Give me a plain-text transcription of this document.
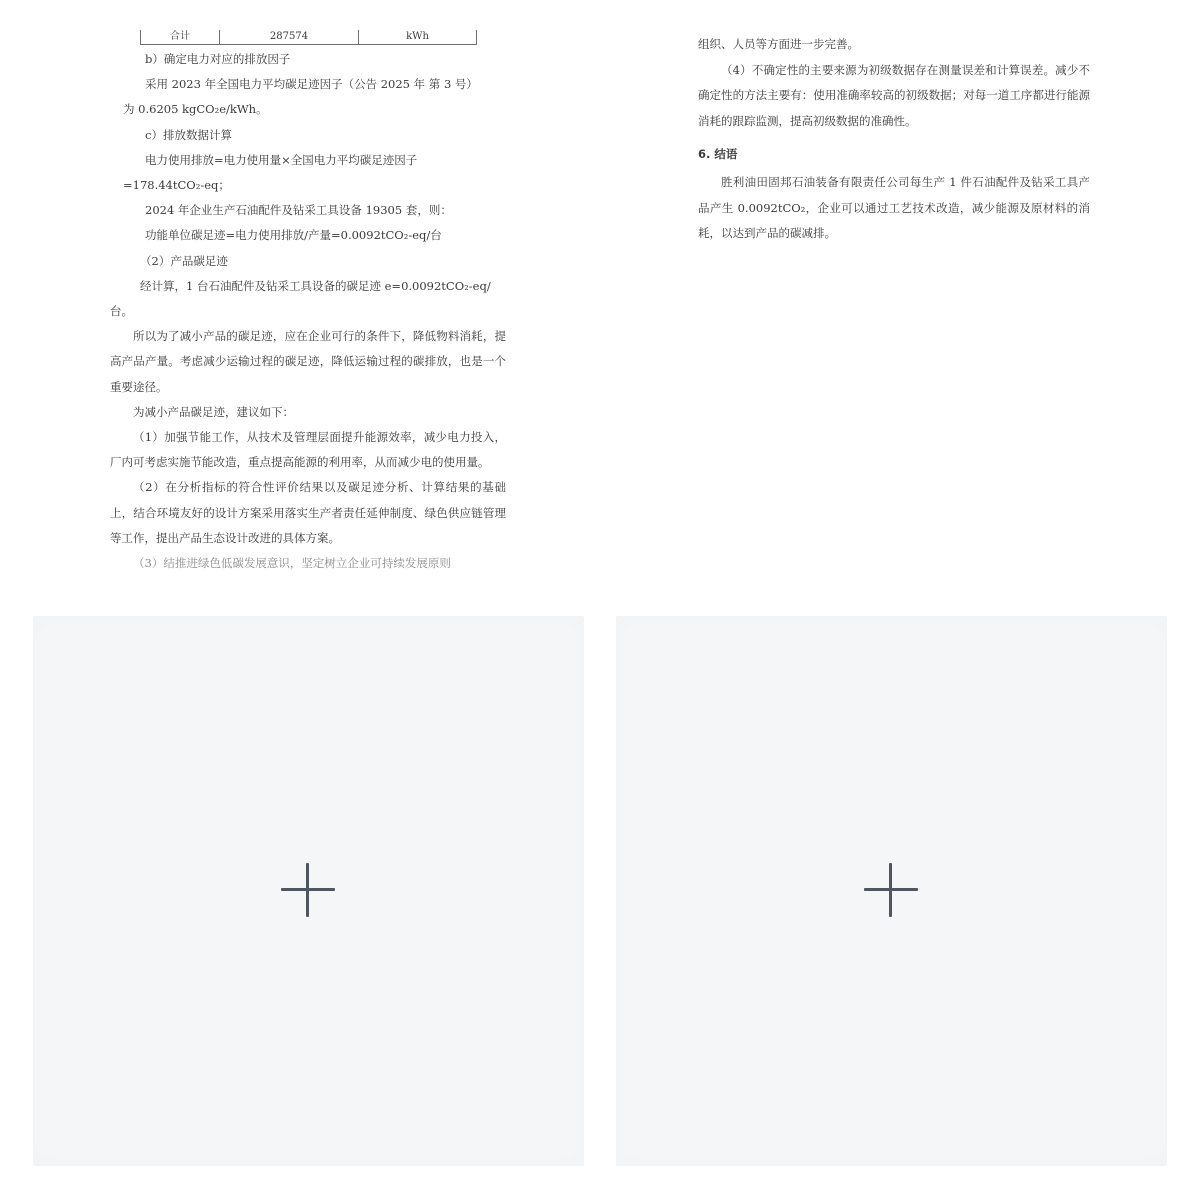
合计	287574	kWh

b）确定电力对应的排放因子

采用 2023 年全国电力平均碳足迹因子（公告 2025 年 第 3 号）

为 0.6205 kgCO₂e/kWh。

c）排放数据计算

电力使用排放=电力使用量×全国电力平均碳足迹因子

=178.44tCO₂-eq；

2024 年企业生产石油配件及钻采工具设备 19305 套，则：

功能单位碳足迹=电力使用排放/产量=0.0092tCO₂-eq/台

（2）产品碳足迹

经计算，1 台石油配件及钻采工具设备的碳足迹 e=0.0092tCO₂-eq/

台。

所以为了减小产品的碳足迹，应在企业可行的条件下，降低物料消耗，提高产品产量。考虑减少运输过程的碳足迹，降低运输过程的碳排放，也是一个重要途径。

为减小产品碳足迹，建议如下：

（1）加强节能工作，从技术及管理层面提升能源效率，减少电力投入，厂内可考虑实施节能改造，重点提高能源的利用率，从而减少电的使用量。

（2）在分析指标的符合性评价结果以及碳足迹分析、计算结果的基础上，结合环境友好的设计方案采用落实生产者责任延伸制度、绿色供应链管理等工作，提出产品生态设计改进的具体方案。

（3）结推进绿色低碳发展意识，坚定树立企业可持续发展原则

组织、人员等方面进一步完善。

（4）不确定性的主要来源为初级数据存在测量误差和计算误差。减少不确定性的方法主要有：使用准确率较高的初级数据；对每一道工序都进行能源消耗的跟踪监测，提高初级数据的准确性。

6. 结语

胜利油田固邦石油装备有限责任公司每生产 1 件石油配件及钻采工具产品产生 0.0092tCO₂，企业可以通过工艺技术改造，减少能源及原材料的消耗，以达到产品的碳减排。
